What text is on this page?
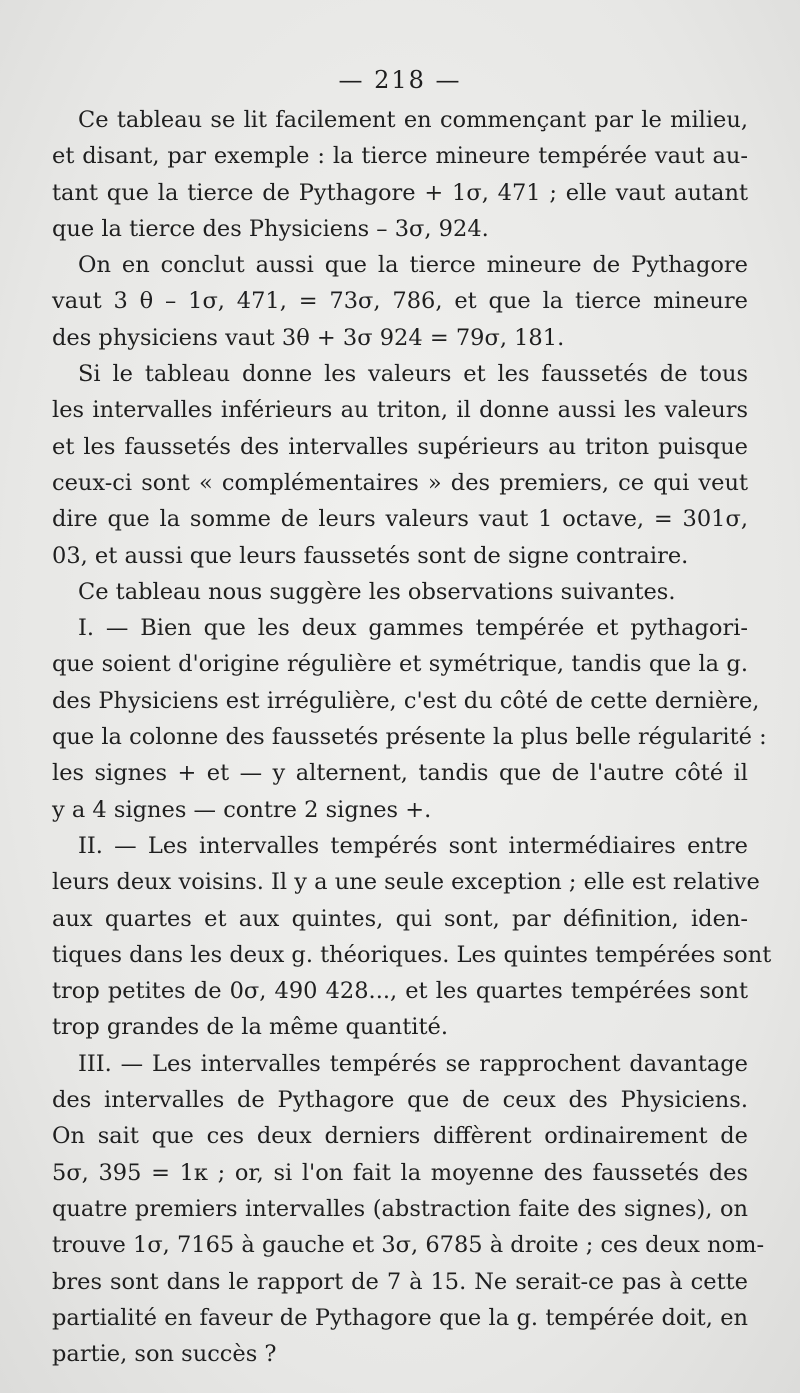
— 218 —
Ce tableau se lit facilement en commençant par le milieu,
et disant, par exemple : la tierce mineure tempérée vaut au-
tant que la tierce de Pythagore + 1σ, 471 ; elle vaut autant
que la tierce des Physiciens – 3σ, 924.
On en conclut aussi que la tierce mineure de Pythagore
vaut 3 θ – 1σ, 471, = 73σ, 786, et que la tierce mineure
des physiciens vaut 3θ + 3σ 924 = 79σ, 181.
Si le tableau donne les valeurs et les faussetés de tous
les intervalles inférieurs au triton, il donne aussi les valeurs
et les faussetés des intervalles supérieurs au triton puisque
ceux-ci sont « complémentaires » des premiers, ce qui veut
dire que la somme de leurs valeurs vaut 1 octave, = 301σ,
03, et aussi que leurs faussetés sont de signe contraire.
Ce tableau nous suggère les observations suivantes.
I. — Bien que les deux gammes tempérée et pythagori-
que soient d'origine régulière et symétrique, tandis que la g.
des Physiciens est irrégulière, c'est du côté de cette dernière,
que la colonne des faussetés présente la plus belle régularité :
les signes + et — y alternent, tandis que de l'autre côté il
y a 4 signes — contre 2 signes +.
II. — Les intervalles tempérés sont intermédiaires entre
leurs deux voisins. Il y a une seule exception ; elle est relative
aux quartes et aux quintes, qui sont, par définition, iden-
tiques dans les deux g. théoriques. Les quintes tempérées sont
trop petites de 0σ, 490 428..., et les quartes tempérées sont
trop grandes de la même quantité.
III. — Les intervalles tempérés se rapprochent davantage
des intervalles de Pythagore que de ceux des Physiciens.
On sait que ces deux derniers diffèrent ordinairement de
5σ, 395 = 1κ ; or, si l'on fait la moyenne des faussetés des
quatre premiers intervalles (abstraction faite des signes), on
trouve 1σ, 7165 à gauche et 3σ, 6785 à droite ; ces deux nom-
bres sont dans le rapport de 7 à 15. Ne serait-ce pas à cette
partialité en faveur de Pythagore que la g. tempérée doit, en
partie, son succès ?
